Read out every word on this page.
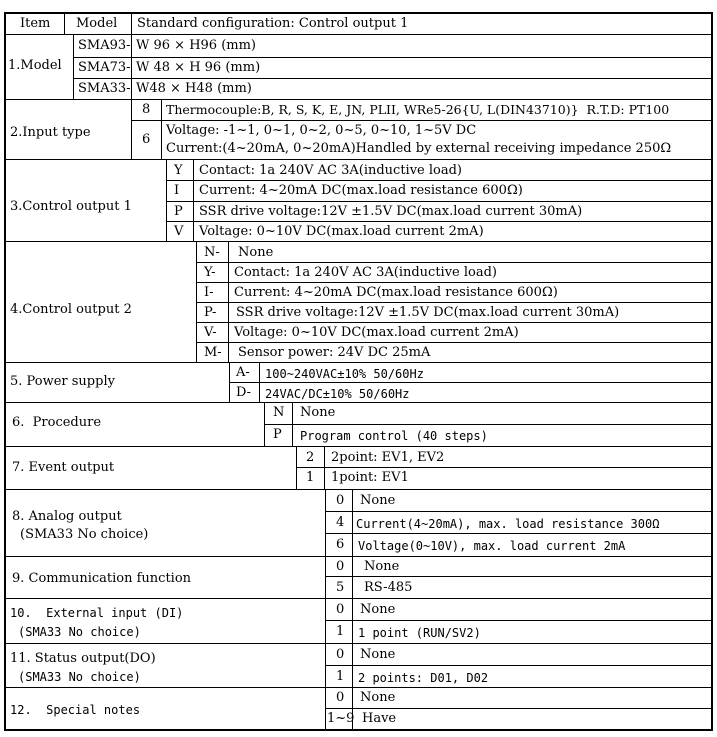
Item Model Standard configuration: Control output 1
1.Model
SMA93- W 96 × H96 (mm)
SMA73- W 48 × H 96 (mm)
SMA33- W48 × H48 (mm)
2.Input type
8 Thermocouple:B, R, S, K, E, JN, PLII, WRe5-26{U, L(DIN43710)}  R.T.D: PT100
6
Voltage: -1~1, 0~1, 0~2, 0~5, 0~10, 1~5V DC
Current:(4~20mA, 0~20mA)Handled by external receiving impedance 250Ω
3.Control output 1
Y Contact: 1a 240V AC 3A(inductive load)
I Current: 4~20mA DC(max.load resistance 600Ω)
P SSR drive voltage:12V ±1.5V DC(max.load current 30mA)
V Voltage: 0~10V DC(max.load current 2mA)
4.Control output 2
N- None
Y- Contact: 1a 240V AC 3A(inductive load)
I- Current: 4~20mA DC(max.load resistance 600Ω)
P- SSR drive voltage:12V ±1.5V DC(max.load current 30mA)
V- Voltage: 0~10V DC(max.load current 2mA)
M- Sensor power: 24V DC 25mA
5. Power supply
A- 100~240VAC±10% 50/60Hz
D- 24VAC/DC±10% 50/60Hz
6.  Procedure
N None
P Program control (40 steps)
7. Event output
2 2point: EV1, EV2
1 1point: EV1
8. Analog output
(SMA33 No choice)
0 None
4 Current(4~20mA), max. load resistance 300Ω
6 Voltage(0~10V), max. load current 2mA
9. Communication function
0 None
5 RS-485
10.  External input (DI)
(SMA33 No choice)
0 None
1 1 point (RUN/SV2)
11. Status output(DO)
(SMA33 No choice)
0 None
1 2 points: D01, D02
12.  Special notes
0 None
1~9 Have
